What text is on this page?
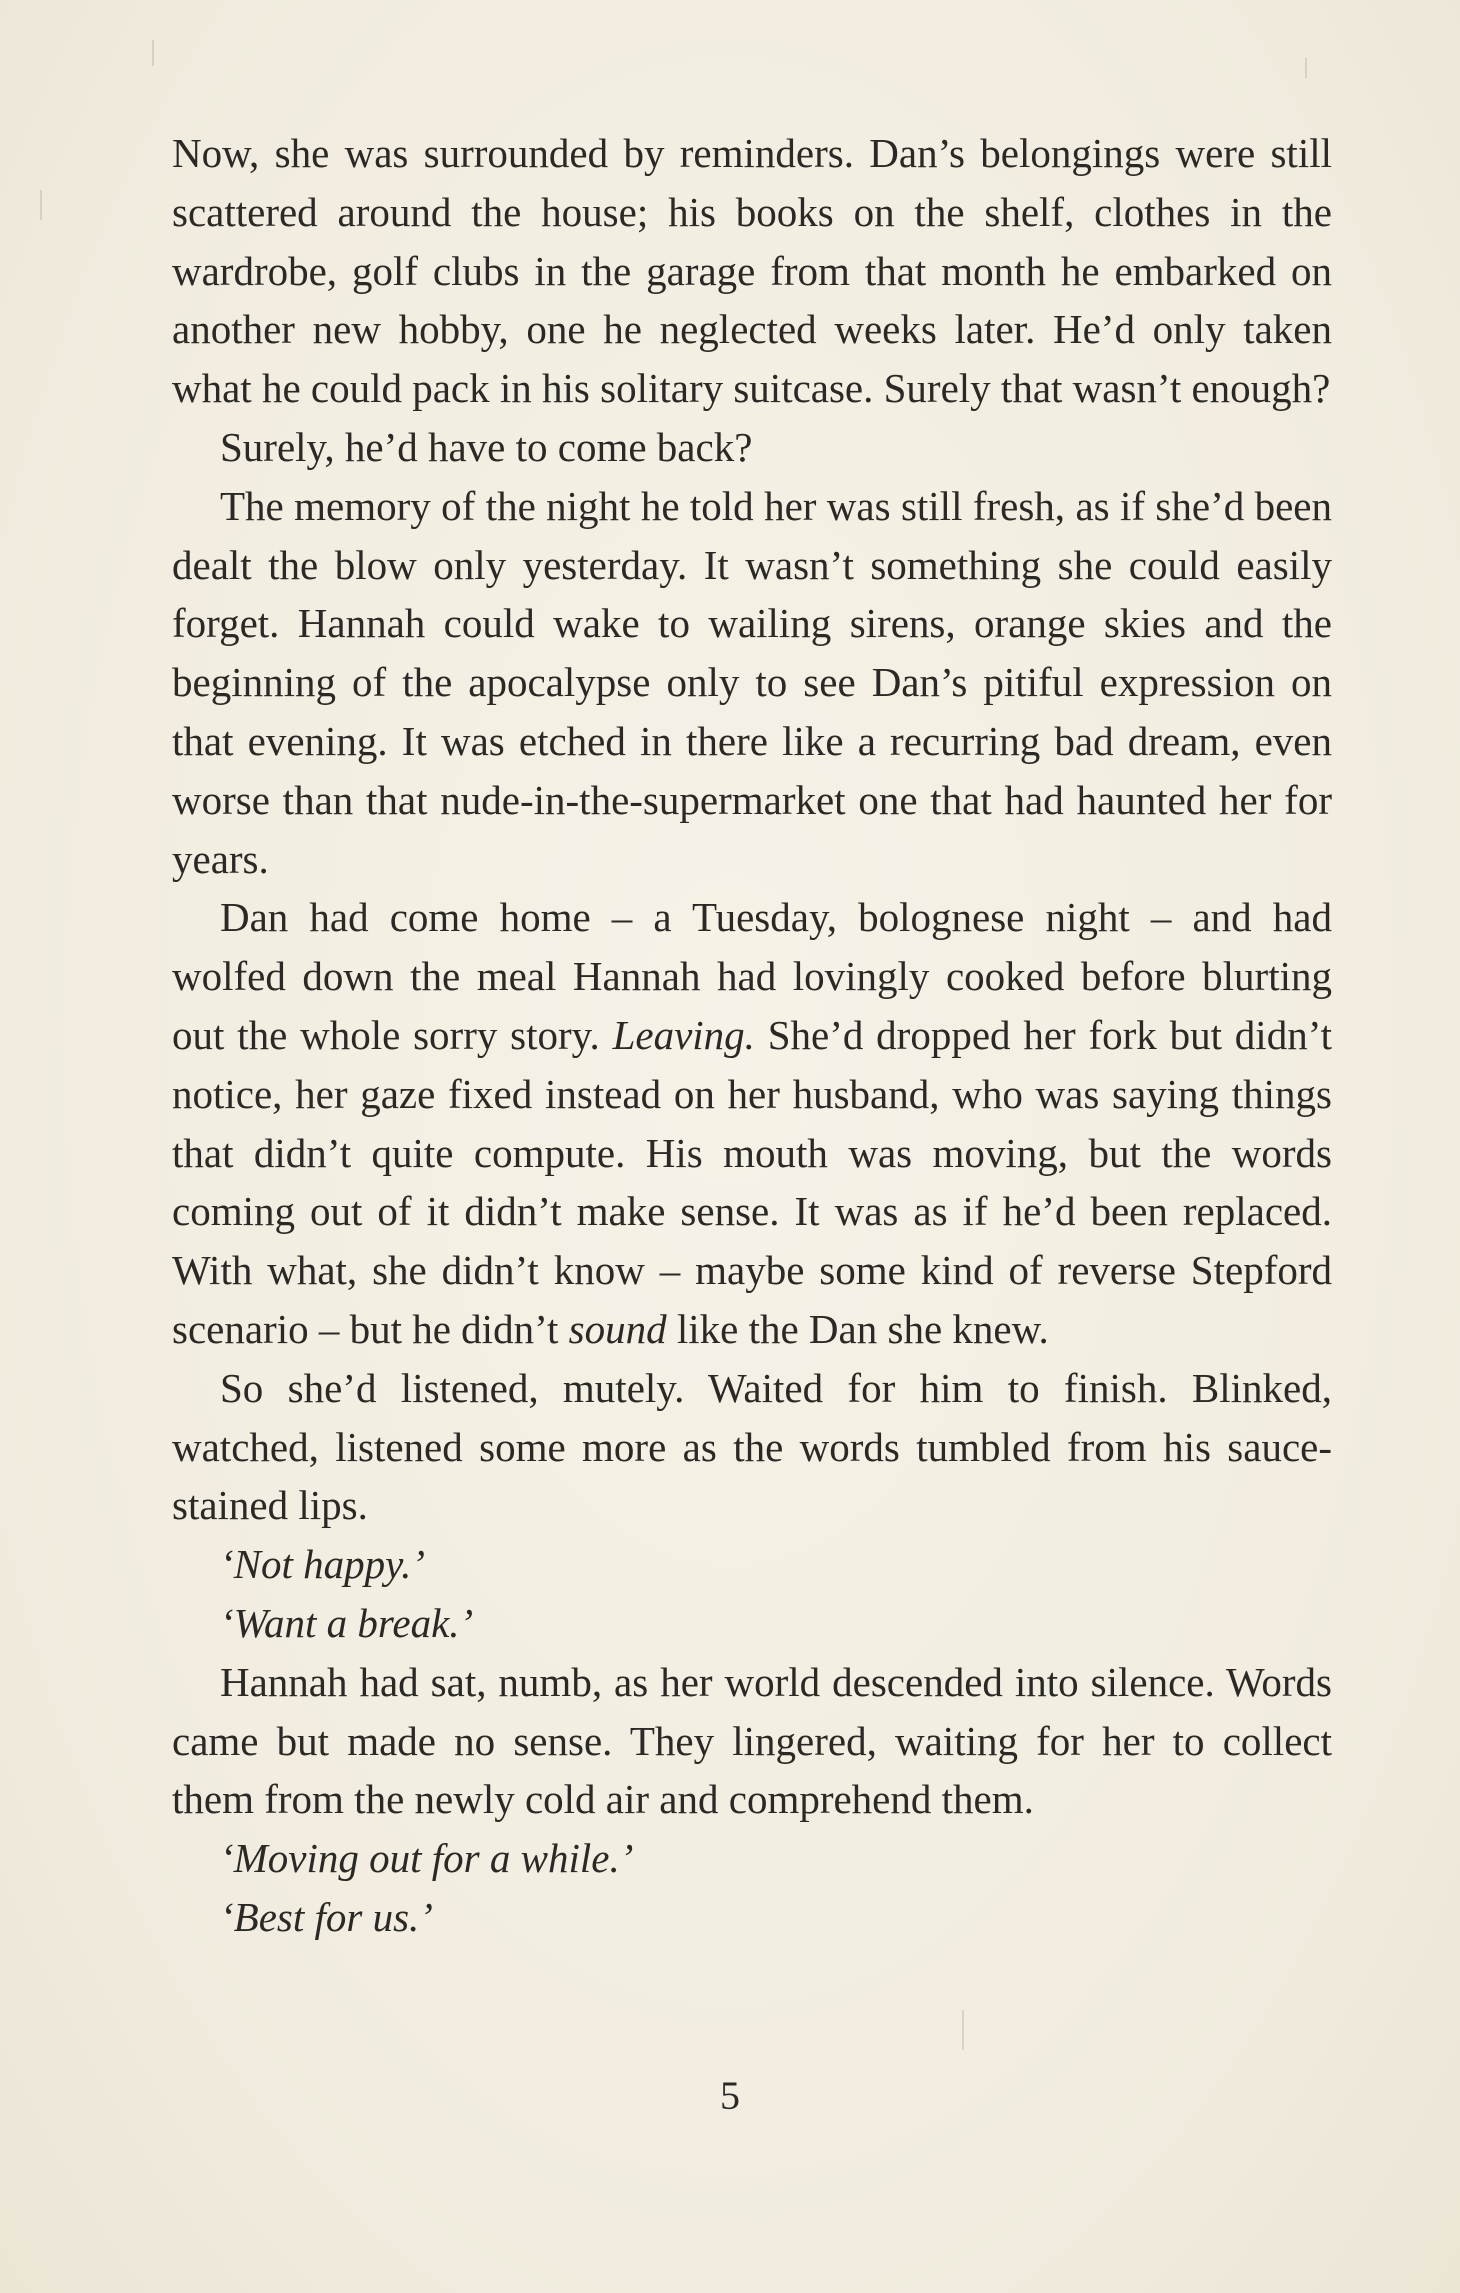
Now, she was surrounded by reminders. Dan’s belongings were still scattered around the house; his books on the shelf, clothes in the wardrobe, golf clubs in the garage from that month he embarked on another new hobby, one he neglected weeks later. He’d only taken what he could pack in his solitary suitcase. Surely that wasn’t enough?

Surely, he’d have to come back?

The memory of the night he told her was still fresh, as if she’d been dealt the blow only yesterday. It wasn’t something she could easily forget. Hannah could wake to wailing sirens, orange skies and the beginning of the apocalypse only to see Dan’s pitiful expression on that evening. It was etched in there like a recurring bad dream, even worse than that nude-in-the-supermarket one that had haunted her for years.

Dan had come home – a Tuesday, bolognese night – and had wolfed down the meal Hannah had lovingly cooked before blurting out the whole sorry story. Leaving. She’d dropped her fork but didn’t notice, her gaze fixed instead on her husband, who was saying things that didn’t quite compute. His mouth was moving, but the words coming out of it didn’t make sense. It was as if he’d been replaced. With what, she didn’t know – maybe some kind of reverse Stepford scenario – but he didn’t sound like the Dan she knew.

So she’d listened, mutely. Waited for him to finish. Blinked, watched, listened some more as the words tumbled from his sauce-stained lips.

‘Not happy.’

‘Want a break.’

Hannah had sat, numb, as her world descended into silence. Words came but made no sense. They lingered, waiting for her to collect them from the newly cold air and comprehend them.

‘Moving out for a while.’

‘Best for us.’

5
